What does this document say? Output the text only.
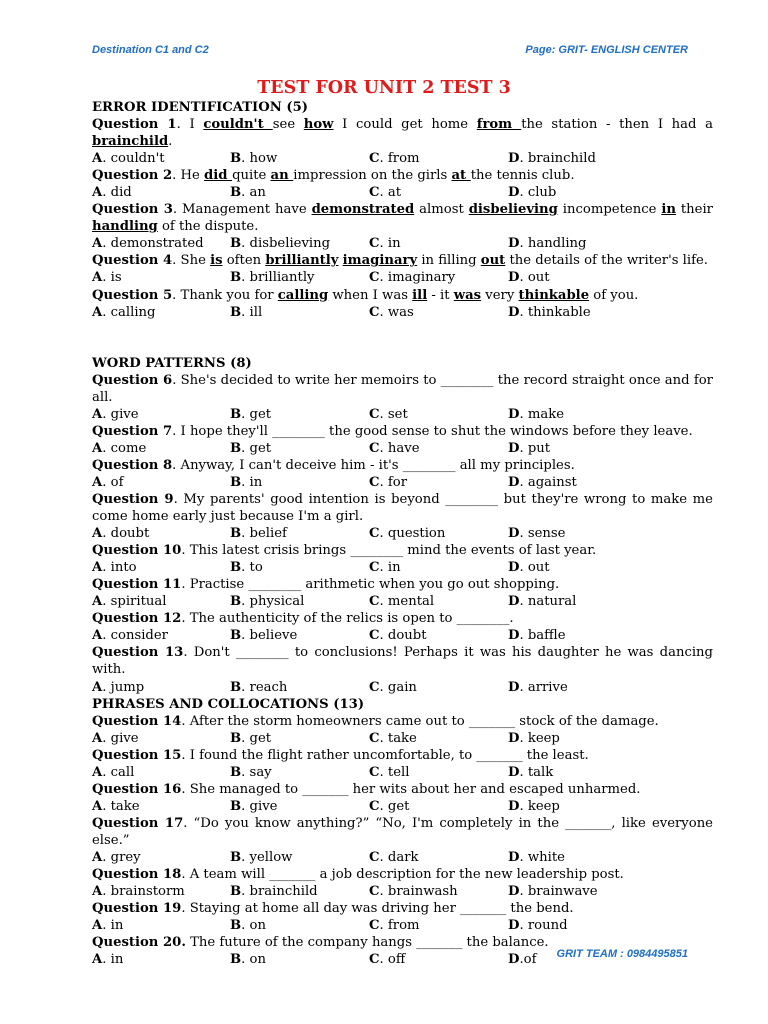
Destination C1 and C2	Page: GRIT- ENGLISH CENTER
TEST FOR UNIT 2 TEST 3
ERROR IDENTIFICATION (5)
Question 1. I couldn't see how I could get home from the station - then I had a brainchild.
A. couldn't	B. how	C. from	D. brainchild
Question 2. He did quite an impression on the girls at the tennis club.
A. did	B. an	C. at	D. club
Question 3. Management have demonstrated almost disbelieving incompetence in their handling of the dispute.
A. demonstrated B. disbelieving	C. in	D. handling
Question 4. She is often brilliantly imaginary in filling out the details of the writer's life.
A. is	B. brilliantly	C. imaginary	D. out
Question 5. Thank you for calling when I was ill - it was very thinkable of you.
A. calling	B. ill	C. was	D. thinkable
WORD PATTERNS (8)
Question 6. She's decided to write her memoirs to ________ the record straight once and for all.
A. give	B. get	C. set	D. make
Question 7. I hope they'll ________ the good sense to shut the windows before they leave.
A. come	B. get	C. have	D. put
Question 8. Anyway, I can't deceive him - it's ________ all my principles.
A. of	B. in	C. for	D. against
Question 9. My parents' good intention is beyond ________ but they're wrong to make me come home early just because I'm a girl.
A. doubt	B. belief	C. question	D. sense
Question 10. This latest crisis brings ________ mind the events of last year.
A. into	B. to	C. in	D. out
Question 11. Practise ________ arithmetic when you go out shopping.
A. spiritual	B. physical	C. mental	D. natural
Question 12. The authenticity of the relics is open to ________.
A. consider	B. believe	C. doubt	D. baffle
Question 13. Don't ________ to conclusions! Perhaps it was his daughter he was dancing with.
A. jump	B. reach	C. gain	D. arrive
PHRASES AND COLLOCATIONS (13)
Question 14. After the storm homeowners came out to _______ stock of the damage.
A. give	B. get	C. take	D. keep
Question 15. I found the flight rather uncomfortable, to _______ the least.
A. call	B. say	C. tell	D. talk
Question 16. She managed to _______ her wits about her and escaped unharmed.
A. take	B. give	C. get	D. keep
Question 17. “Do you know anything?” “No, I'm completely in the _______, like everyone else.”
A. grey	B. yellow	C. dark	D. white
Question 18. A team will _______ a job description for the new leadership post.
A. brainstorm	B. brainchild	C. brainwash	D. brainwave
Question 19. Staying at home all day was driving her _______ the bend.
A. in	B. on	C. from	D. round
Question 20. The future of the company hangs _______ the balance.
A. in	B. on	C. off	D.of GRIT TEAM : 0984495851
